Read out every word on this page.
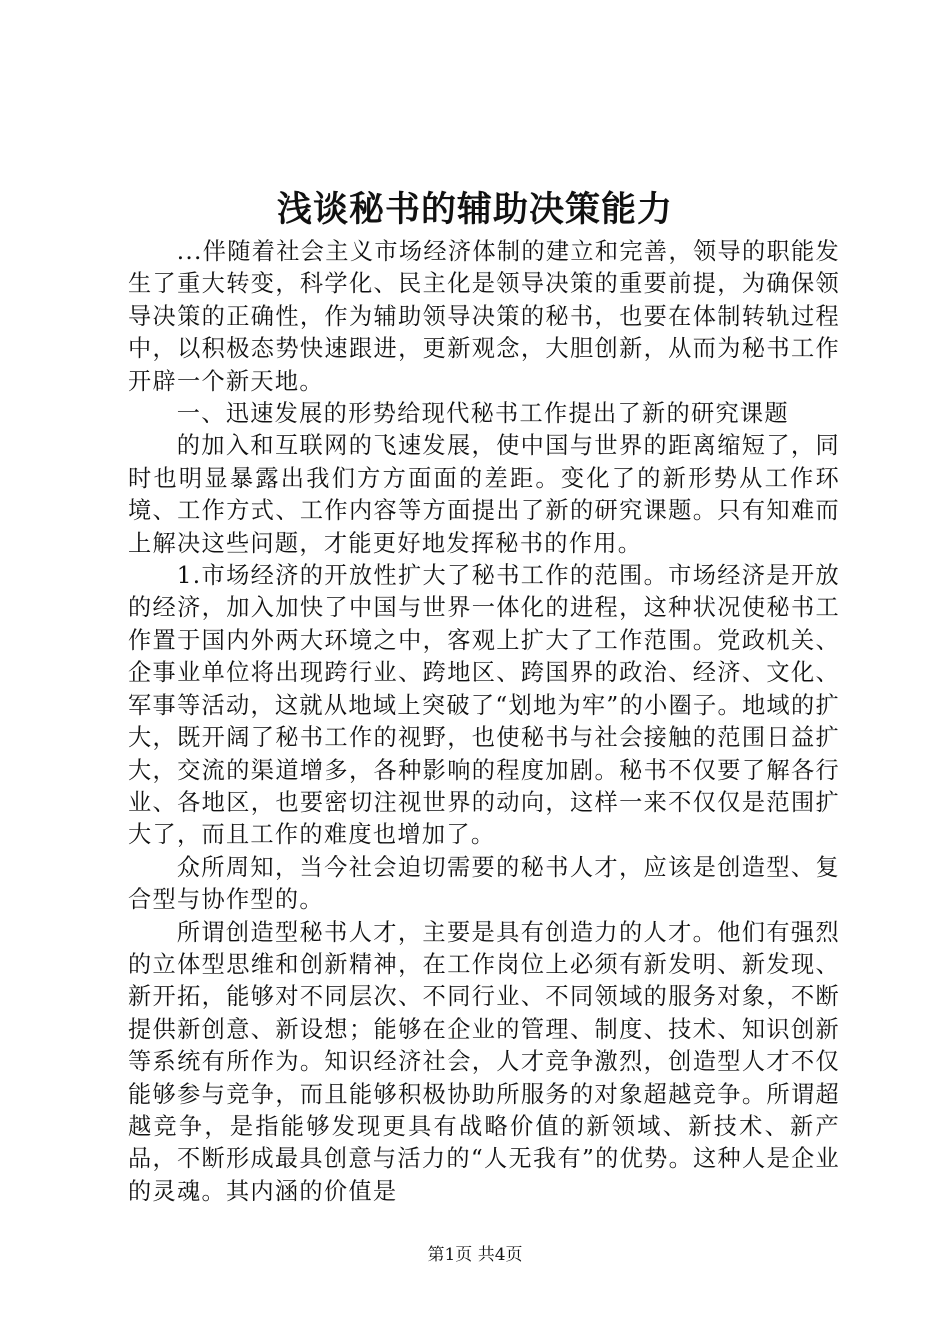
浅谈秘书的辅助决策能力

...伴随着社会主义市场经济体制的建立和完善，领导的职能发生了重大转变，科学化、民主化是领导决策的重要前提，为确保领导决策的正确性，作为辅助领导决策的秘书，也要在体制转轨过程中，以积极态势快速跟进，更新观念，大胆创新，从而为秘书工作开辟一个新天地。

一、迅速发展的形势给现代秘书工作提出了新的研究课题

的加入和互联网的飞速发展，使中国与世界的距离缩短了，同时也明显暴露出我们方方面面的差距。变化了的新形势从工作环境、工作方式、工作内容等方面提出了新的研究课题。只有知难而上解决这些问题，才能更好地发挥秘书的作用。

1.市场经济的开放性扩大了秘书工作的范围。市场经济是开放的经济，加入加快了中国与世界一体化的进程，这种状况使秘书工作置于国内外两大环境之中，客观上扩大了工作范围。党政机关、企事业单位将出现跨行业、跨地区、跨国界的政治、经济、文化、军事等活动，这就从地域上突破了“划地为牢”的小圈子。地域的扩大，既开阔了秘书工作的视野，也使秘书与社会接触的范围日益扩大，交流的渠道增多，各种影响的程度加剧。秘书不仅要了解各行业、各地区，也要密切注视世界的动向，这样一来不仅仅是范围扩大了，而且工作的难度也增加了。

众所周知，当今社会迫切需要的秘书人才，应该是创造型、复合型与协作型的。

所谓创造型秘书人才，主要是具有创造力的人才。他们有强烈的立体型思维和创新精神，在工作岗位上必须有新发明、新发现、新开拓，能够对不同层次、不同行业、不同领域的服务对象，不断提供新创意、新设想；能够在企业的管理、制度、技术、知识创新等系统有所作为。知识经济社会，人才竞争激烈，创造型人才不仅能够参与竞争，而且能够积极协助所服务的对象超越竞争。所谓超越竞争，是指能够发现更具有战略价值的新领域、新技术、新产品，不断形成最具创意与活力的“人无我有”的优势。这种人是企业的灵魂。其内涵的价值是

第1页 共4页
